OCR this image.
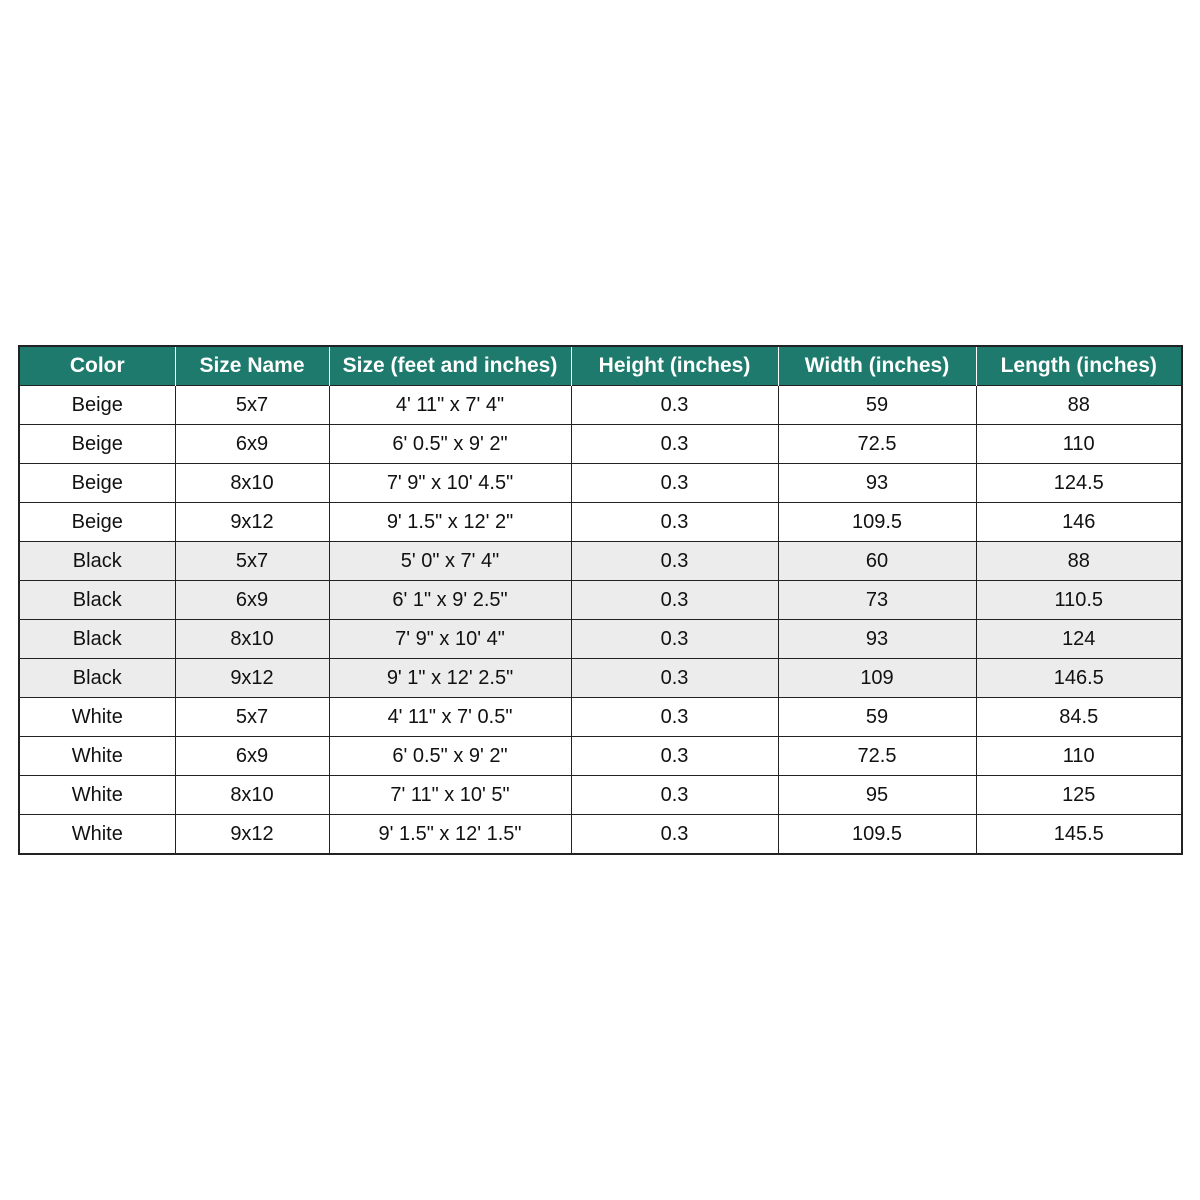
Color	Size Name	Size (feet and inches)	Height (inches)	Width (inches)	Length (inches)
Beige	5x7	4' 11" x 7' 4"	0.3	59	88
Beige	6x9	6' 0.5" x 9' 2"	0.3	72.5	110
Beige	8x10	7' 9" x 10' 4.5"	0.3	93	124.5
Beige	9x12	9' 1.5" x 12' 2"	0.3	109.5	146
Black	5x7	5' 0" x 7' 4"	0.3	60	88
Black	6x9	6' 1" x 9' 2.5"	0.3	73	110.5
Black	8x10	7' 9" x 10' 4"	0.3	93	124
Black	9x12	9' 1" x 12' 2.5"	0.3	109	146.5
White	5x7	4' 11" x 7' 0.5"	0.3	59	84.5
White	6x9	6' 0.5" x 9' 2"	0.3	72.5	110
White	8x10	7' 11" x 10' 5"	0.3	95	125
White	9x12	9' 1.5" x 12' 1.5"	0.3	109.5	145.5
